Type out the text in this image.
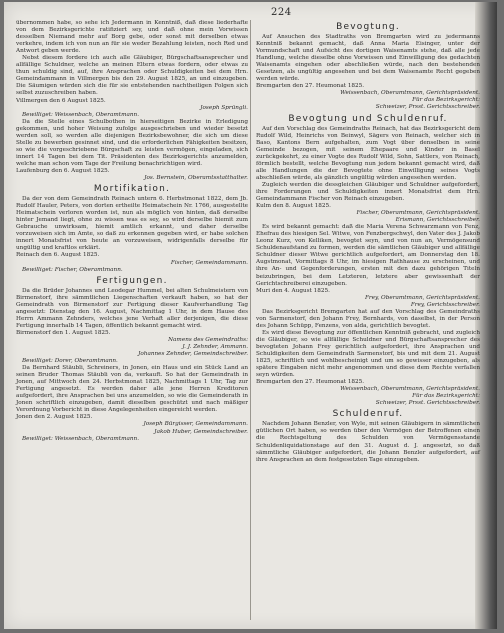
224

übernommen habe, so sehe ich Jedermann in Kenntniß, daß diese liederhafte von dem Bezirksgerichte ratifiziert sey, und daß ohne mein Vorwissen desselben Niemand mehr auf Borg gebe, oder sonst mit derselben etwas verkehre, indem ich von nun an für sie weder Bezahlung leisten, noch Red und Antwort geben werde.

Nebst diesem fordere ich auch alle Gläubiger, Bürgschaftsansprecher und allfällige Schuldner, welche an meinen Eltern etwas fordern, oder etwas zu thun schuldig sind, auf, ihre Ansprachen oder Schuldigkeiten bei dem Hrn. Gemeindammann in Villmergen bis den 29. August 1825, an und einzugeben. Die Säumigen würden sich die für sie entstehenden nachtheiligen Folgen sich selbst zuzuschreiben haben.

Villmergen den 6 August 1825.

Joseph Sprüngli.

Bewilliget: Weissenbach, Oberamtmann.

Da die Stelle eines Schulbothen in hierseitigen Bezirke in Erledigung gekommen, und hoher Weisung zufolge ausgeschrieben und wieder besetzt werden soll, so werden alle diejenigen Bezirksbewohner, die sich um diese Stelle zu bewerben gesinnet sind, und die erforderlichen Fähigkeiten besitzen, so wie die vorgeschriebene Bürgschaft zu leisten vermögen, eingeladen, sich innert 14 Tagen bei dem Tit. Präsidenten des Bezirksgerichts anzumelden, welche man schon vom Tage der Freilung benachrichtigen wird.

Laufenburg den 6. August 1825.

Jos. Bernstein, Oberamtsstatthalter.

Mortifikation.

Da der von dem Gemeindrath Reinach untern 6. Herbstmonat 1822, dem Jb. Rudolf Hauler, Peters, von dorten ertheilte Heimatschein Nr. 1766, ausgestellte Heimatschein verloren worden ist, nun als möglich von hinten, daß derselbe hinter Jemand liegt, ohne zu wissen was es sey, so wird derselbe hiemit zum Gebrauche unwirksam, hiemit amtlich erkannt, und daher derselbe vorzuweisen sich im Amte, so daß zu erkennen gegeben wird, er habe solchen innert Monatsfrist von heute an vorzuweisen, widrigenfalls derselbe für ungültig und kraftlos erklärt.

Reinach den 6. August 1825.

Fischer, Gemeindammann.

Bewilliget: Fischer, Oberamtmann.

Fertigungen.

Da die Brüder Johannes und Leodegar Hummel, bei alten Schulmeistern von Birmenstorf, ihre sämmtlichen Liegenschaften verkauft haben, so hat der Gemeindrath von Birmenstorf zur Fertigung dieser Kaufverhandlung Tag angesetzt: Dienstag den 16. August, Nachmittag 1 Uhr, in dem Hause des Herrn Ammann Zehnders, welches jene Verhaft aller derjenigen, die diese Fertigung innerhalb 14 Tagen, öffentlich bekannt gemacht wird.

Birmenstorf den 1. August 1825.

Namens des Gemeindraths:

J. J. Zehnder, Ammann.

Johannes Zehnder, Gemeindschreiber.

Bewilliget: Dorer, Oberamtmann.

Da Bernhard Stäubli, Schreiners, in Jonen, ein Haus und ein Stück Land an seinen Bruder Thomas Stäubli von da, verkauft. So hat der Gemeindrath in Jonen, auf Mittwoch den 24. Herbstmonat 1825, Nachmittags 1 Uhr, Tag zur Fertigung angesetzt. Es werden daher alle jene Herren Kreditoren aufgefordert, ihre Ansprachen bei uns anzumelden, so wie die Gemeinderath in Jonen schriftlich einzugeben, damit dieselben geschützt und nach mäßiger Verordnung Vorbericht in diese Angelegenheiten eingereicht werden.

Jonen den 2. August 1825.

Joseph Bürgisser, Gemeindammann.

Jakob Huber, Gemeindschreiber.

Bewilliget: Weissenbach, Oberamtmann.

Bevogtung.

Auf Ansuchen des Stadtraths von Bremgarten wird zu jedermanns Kenntniß bekannt gemacht, daß Anna Maria Eisinger, unter der Vormundschaft und Aufsicht des dortigen Waisenamts stehe, daß alle jede Handlung, welche dieselbe ohne Vorwissen und Einwilligung des gedachten Waisenamts eingehen oder abschließen würde, nach den bestehenden Gesetzen, als ungültig angesehen und bei dem Waisenamte Recht gegeben werden würde.

Bremgarten den 27. Heumonat 1825.

Weissenbach, Oberamtmann, Gerichtspräsident.

Für das Bezirksgericht:

Schweizer, Prsst. Gerichtsschreiber.

Bevogtung und Schuldenruf.

Auf den Vorschlag des Gemeindraths Reinach, hat das Bezirksgericht dem Rudolf Wild, Heinrichs von Beinwyl, Sägers von Reinach, welcher sich in Baso, Kantons Bern aufgehalten, zum Vogt über denselben in seine Gemeinde bezogen, mit seinem Ehepaare und Kinder in Basel zurückgekehrt, zu einer Vogte des Rudolf Wild, Sohn, Sattlers, von Reinach, förmlich bestellt, welche Bevogtung nun jedem bekannt gemacht wird, daß alle Handlungen die der Bevogtete ohne Einwilligung seines Vogts abschließen würde, als gänzlich ungültig würden angesehen werden.

Zugleich werden die dessgleichen Gläubiger und Schuldner aufgefordert, ihre Forderungen und Schuldigkeiten innert Monatsfrist dem Hrn. Gemeindammann Fischer von Reinach einzugeben.

Kulm den 8. August 1825.

Fischer, Oberamtmann, Gerichtspräsident.

Erismann, Gerichtsschreiber.

Es wird bekannt gemacht: daß die Maria Verena Schwarzmann von Fenz, Ehefrau des hiesigen Sel. Witwe, von Fenzbergschwyl, den Vater des J. Jakob Leonz Kurz, von Kelliken, bevogtet seyn, und von nun an, Vermögensund Schuldenaufstand zu formen, werden die sämtlichen Gläubiger und allfällige Schuldner dieser Witwe gerichtlich aufgefordert, am Donnerstag den 18. Augstmonat, Vormittags 8 Uhr, im hiesigen Rathhause zu erscheinen, und ihre An- und Gegenforderungen, ersten mit den dazu gehörigen Titeln beizubringen, bei dem Letzteren, letztere aber gewissenhaft der Gerichtschreiberei einzugeben.

Muri den 4. August 1825.

Frey, Oberamtmann, Gerichtspräsident.

Frey, Gerichtsschreiber.

Das Bezirksgericht Bremgarten hat auf den Vorschlag des Gemeindraths von Sarmenstorf, den Johann Frey, Bernhards, von daselbst, in der Person des Johann Schüpp, Fenzens, von alda, gerichtlich bevogtet.

Es wird diese Bevogtung zur öffentlichen Kenntniß gebracht, und zugleich die Gläubiger, so wie allfällige Schuldner und Bürgschaftsansprecher des bevogteten Johann Frey gerichtlich aufgefordert, ihre Ansprachen und Schuldigkeiten dem Gemeindrath Sarmenstorf, bis und mit dem 21. August 1825, schriftlich und wohlbescheinigt und um so gewisser einzugeben, als spätere Eingaben nicht mehr angenommen und diese dem Rechte verfallen seyn würden.

Bremgarten den 27. Heumonat 1825.

Weissenbach, Oberamtmann, Gerichtspräsident.

Für das Bezirksgericht:

Schweizer, Prsst. Gerichtsschreiber.

Schuldenruf.

Nachdem Johann Benzler, von Wyle, mit seinen Gläubigern in sämmtlichen gütlichen Ort haben, so werden über den Vermögen der Betroffenen einen die Rechtsgeltung des Schulden von Vermögensstande Schuldenliquidationstage auf den 31. August d. J. angesetzt, so daß sämmtliche Gläubiger aufgefordert, die Johann Benzler aufgefordert, auf ihre Ansprachen an dem festgesetzten Tage einzugeben.
